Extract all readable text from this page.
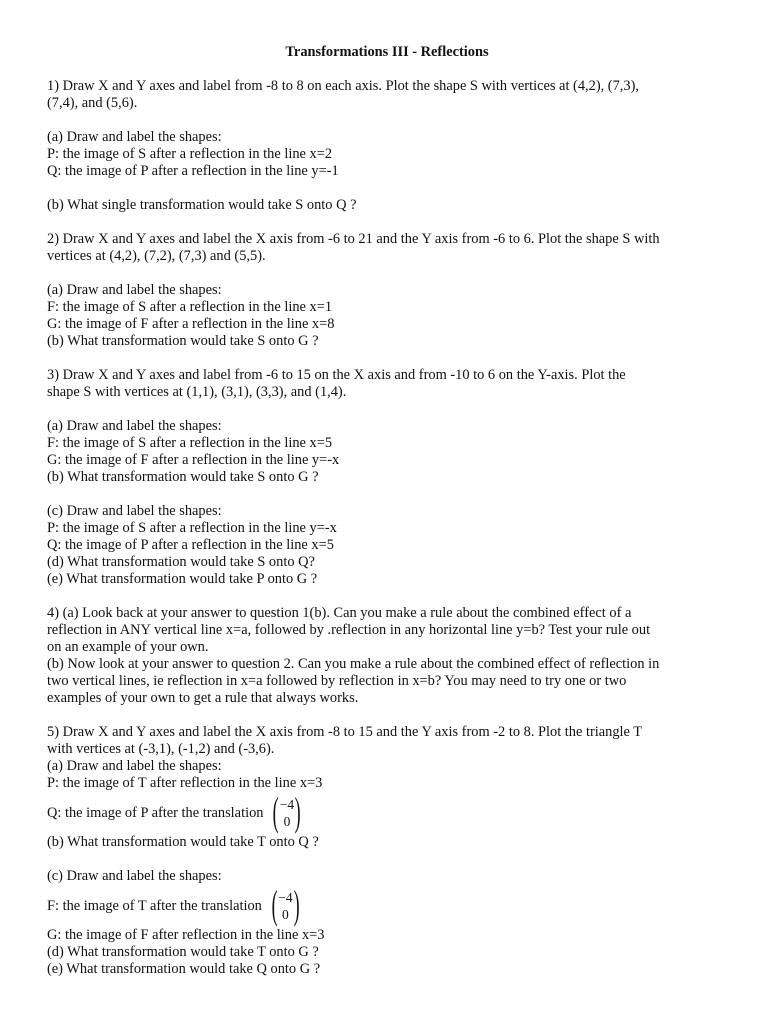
Transformations III - Reflections
1) Draw X and Y axes and label from -8 to 8 on each axis. Plot the shape S with vertices at (4,2), (7,3),
(7,4), and (5,6).
(a) Draw and label the shapes:
P: the image of S after a reflection in the line x=2
Q: the image of P after a reflection in the line y=-1
(b) What single transformation would take S onto Q ?
2) Draw X and Y axes and label the X axis from -6 to 21 and the Y axis from -6 to 6. Plot the shape S with
vertices at (4,2), (7,2), (7,3) and (5,5).
(a) Draw and label the shapes:
F: the image of S after a reflection in the line x=1
G: the image of F after a reflection in the line x=8
(b) What transformation would take S onto G ?
3) Draw X and Y axes and label from -6 to 15 on the X axis and from -10 to 6 on the Y-axis. Plot the
shape S with vertices at (1,1), (3,1), (3,3), and (1,4).
(a) Draw and label the shapes:
F: the image of S after a reflection in the line x=5
G: the image of F after a reflection in the line y=-x
(b) What transformation would take S onto G ?
(c) Draw and label the shapes:
P: the image of S after a reflection in the line y=-x
Q: the image of P after a reflection in the line x=5
(d) What transformation would take S onto Q?
(e) What transformation would take P onto G ?
4) (a) Look back at your answer to question 1(b). Can you make a rule about the combined effect of a
reflection in ANY vertical line x=a, followed by .reflection in any horizontal line y=b? Test your rule out
on an example of your own.
(b) Now look at your answer to question 2. Can you make a rule about the combined effect of reflection in
two vertical lines, ie reflection in x=a followed by reflection in x=b? You may need to try one or two
examples of your own to get a rule that always works.
5) Draw X and Y axes and label the X axis from -8 to 15 and the Y axis from -2 to 8. Plot the triangle T
with vertices at (-3,1), (-1,2) and (-3,6).
(a) Draw and label the shapes:
P: the image of T after reflection in the line x=3
Q: the image of P after the translation ( −4
0 )
(b) What transformation would take T onto Q ?
(c) Draw and label the shapes:
F: the image of T after the translation ( −4
0 )
G: the image of F after reflection in the line x=3
(d) What transformation would take T onto G ?
(e) What transformation would take Q onto G ?
